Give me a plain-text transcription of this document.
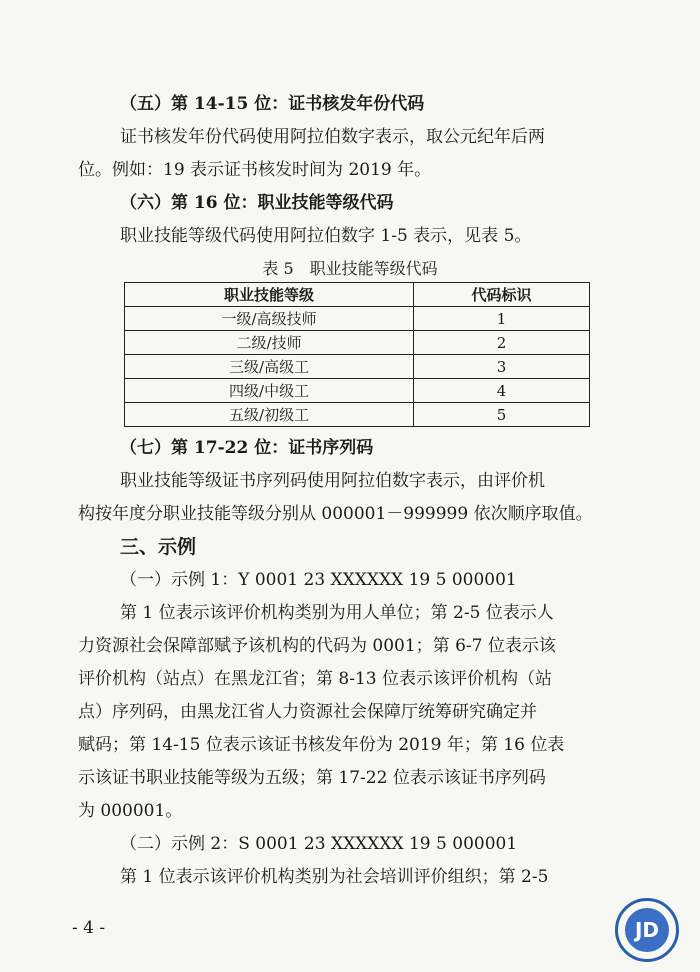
（五）第 14-15 位：证书核发年份代码
证书核发年份代码使用阿拉伯数字表示，取公元纪年后两
位。例如：19 表示证书核发时间为 2019 年。
（六）第 16 位：职业技能等级代码
职业技能等级代码使用阿拉伯数字 1-5 表示，见表 5。
表 5　职业技能等级代码
职业技能等级	代码标识
一级/高级技师	1
二级/技师	2
三级/高级工	3
四级/中级工	4
五级/初级工	5
（七）第 17-22 位：证书序列码
职业技能等级证书序列码使用阿拉伯数字表示，由评价机
构按年度分职业技能等级分别从 000001－999999 依次顺序取值。
三、示例
（一）示例 1：Y 0001 23 XXXXXX 19 5 000001
第 1 位表示该评价机构类别为用人单位；第 2-5 位表示人
力资源社会保障部赋予该机构的代码为 0001；第 6-7 位表示该
评价机构（站点）在黑龙江省；第 8-13 位表示该评价机构（站
点）序列码，由黑龙江省人力资源社会保障厅统筹研究确定并
赋码；第 14-15 位表示该证书核发年份为 2019 年；第 16 位表
示该证书职业技能等级为五级；第 17-22 位表示该证书序列码
为 000001。
（二）示例 2：S 0001 23 XXXXXX 19 5 000001
第 1 位表示该评价机构类别为社会培训评价组织；第 2-5
- 4 -	JD
